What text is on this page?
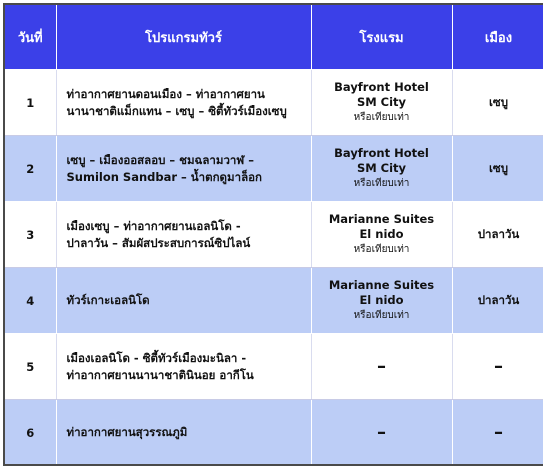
วันที่	โปรแกรมทัวร์	โรงแรม	เมือง	
1	ท่าอากาศยานดอนเมือง – ท่าอากาศยาน
นานาชาติแม็กแทน – เซบู – ซิตี้ทัวร์เมืองเซบู	Bayfront Hotel
SM City
หรือเทียบเท่า	เซบู	
2	เซบู – เมืองออสลอบ – ชมฉลามวาฬ –
Sumilon Sandbar – น้ำตกดูมาล็อก	Bayfront Hotel
SM City
หรือเทียบเท่า	เซบู	
3	เมืองเซบู – ท่าอากาศยานเอลนิโด -
ปาลาวัน – สัมผัสประสบการณ์ซิปไลน์	Marianne Suites
El nido
หรือเทียบเท่า	ปาลาวัน	
4	ทัวร์เกาะเอลนิโด	Marianne Suites
El nido
หรือเทียบเท่า	ปาลาวัน	
5	เมืองเอลนิโด - ซิตี้ทัวร์เมืองมะนิลา -
ท่าอากาศยานนานาชาตินินอย อากีโน	–	–	
6	ท่าอากาศยานสุวรรณภูมิ	–	–	
